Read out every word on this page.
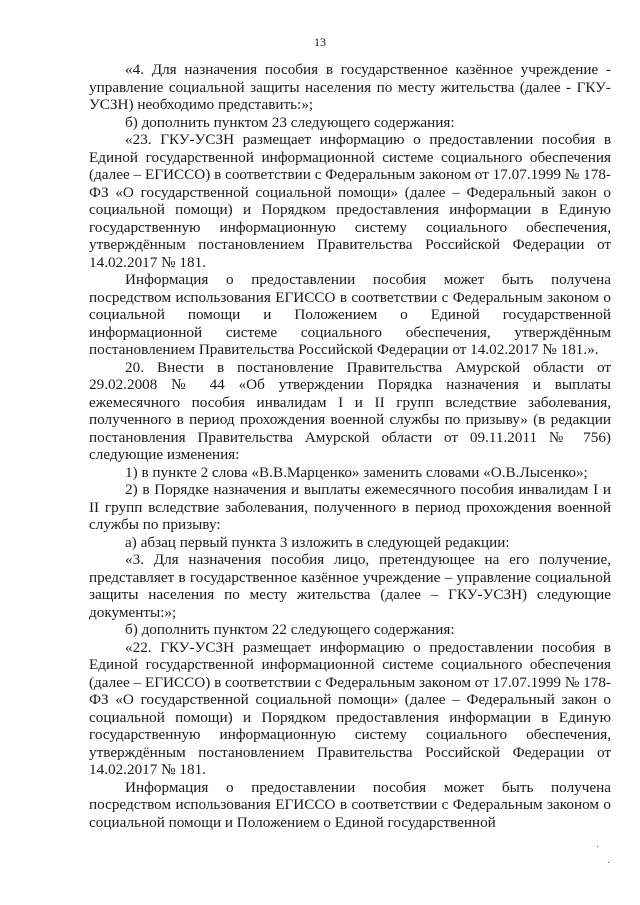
13

«4. Для назначения пособия в государственное казённое учреждение - управление социальной защиты населения по месту жительства (далее - ГКУ-УСЗН) необходимо представить:»;

б) дополнить пунктом 23 следующего содержания:

«23. ГКУ-УСЗН размещает информацию о предоставлении пособия в Единой государственной информационной системе социального обеспечения (далее – ЕГИССО) в соответствии с Федеральным законом от 17.07.1999 № 178-ФЗ «О государственной социальной помощи» (далее – Федеральный закон о социальной помощи) и Порядком предоставления информации в Единую государственную информационную систему социального обеспечения, утверждённым постановлением Правительства Российской Федерации от 14.02.2017 № 181.

Информация о предоставлении пособия может быть получена посредством использования ЕГИССО в соответствии с Федеральным законом о социальной помощи и Положением о Единой государственной информационной системе социального обеспечения, утверждённым постановлением Правительства Российской Федерации от 14.02.2017 № 181.».

20. Внести в постановление Правительства Амурской области от 29.02.2008 № 44 «Об утверждении Порядка назначения и выплаты ежемесячного пособия инвалидам I и II групп вследствие заболевания, полученного в период прохождения военной службы по призыву» (в редакции постановления Правительства Амурской области от 09.11.2011 № 756) следующие изменения:

1) в пункте 2 слова «В.В.Марценко» заменить словами «О.В.Лысенко»;

2) в Порядке назначения и выплаты ежемесячного пособия инвалидам I и II групп вследствие заболевания, полученного в период прохождения военной службы по призыву:

а) абзац первый пункта 3 изложить в следующей редакции:

«3. Для назначения пособия лицо, претендующее на его получение, представляет в государственное казённое учреждение – управление социальной защиты населения по месту жительства (далее – ГКУ-УСЗН) следующие документы:»;

б) дополнить пунктом 22 следующего содержания:

«22. ГКУ-УСЗН размещает информацию о предоставлении пособия в Единой государственной информационной системе социального обеспечения (далее – ЕГИССО) в соответствии с Федеральным законом от 17.07.1999 № 178-ФЗ «О государственной социальной помощи» (далее – Федеральный закон о социальной помощи) и Порядком предоставления информации в Единую государственную информационную систему социального обеспечения, утверждённым постановлением Правительства Российской Федерации от 14.02.2017 № 181.

Информация о предоставлении пособия может быть получена посредством использования ЕГИССО в соответствии с Федеральным законом о социальной помощи и Положением о Единой государственной

·
·
